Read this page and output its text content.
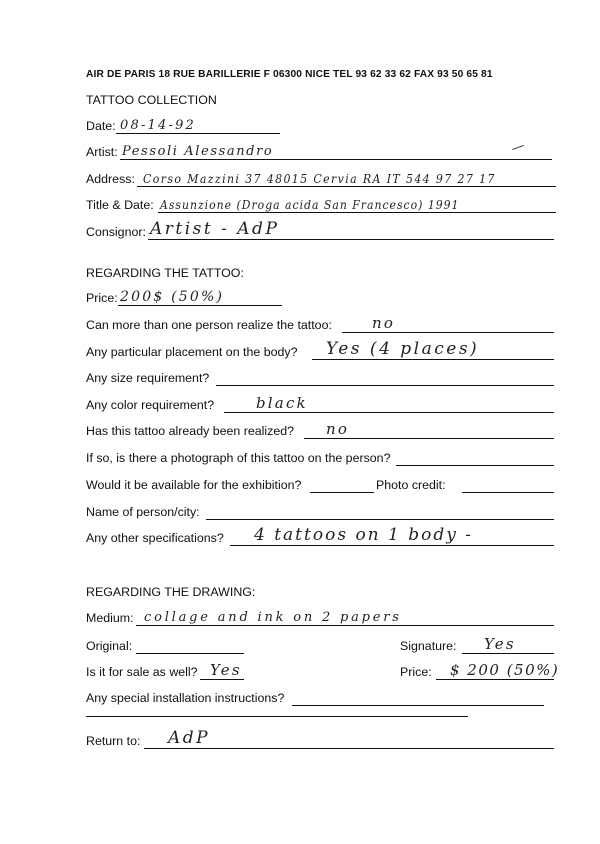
AIR DE PARIS 18 RUE BARILLERIE F 06300 NICE TEL 93 62 33 62 FAX 93 50 65 81
TATTOO COLLECTION
Date: 08-14-92
Artist: Pessoli Alessandro
Address: Corso Mazzini 37 48015 Cervia RA IT 544 97 27 17
Title & Date: Assunzione (Droga acida San Francesco) 1991
Consignor: Artist - AdP
REGARDING THE TATTOO:
Price: 200$ (50%)
Can more than one person realize the tattoo:	no
Any particular placement on the body? Yes (4 places)
Any size requirement?
Any color requirement?	black
Has this tattoo already been realized? no
If so, is there a photograph of this tattoo on the person?
Would it be available for the exhibition?	Photo credit:
Name of person/city:
Any other specifications? 4 tattoos on 1 body -
REGARDING THE DRAWING:
Medium: collage and ink on 2 papers
Original:	Signature: Yes
Is it for sale as well? Yes	Price: $ 200 (50%)
Any special installation instructions?
Return to: AdP
